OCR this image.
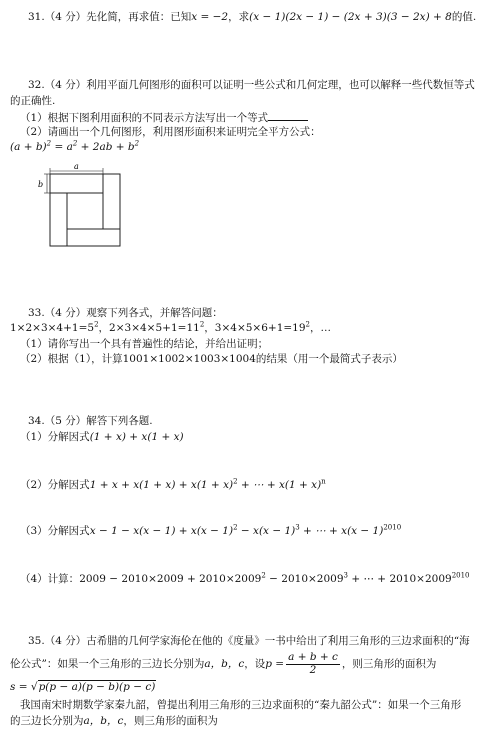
31.（4 分）先化简，再求值：已知x = −2，求(x − 1)(2x − 1) − (2x + 3)(3 − 2x) + 8的值.
32.（4 分）利用平面几何图形的面积可以证明一些公式和几何定理，也可以解释一些代数恒等式
的正确性.
（1）根据下图利用面积的不同表示方法写出一个等式
（2）请画出一个几何图形，利用图形面积来证明完全平方公式：
$(a + b)^2 = a^2 + 2ab + b^2$
a
b
33.（4 分）观察下列各式，并解答问题：
$1\times 2\times 3\times 4+1=5^2$，$2\times 3\times 4\times 5+1=11^2$，$3\times 4\times 5\times 6+1=19^2$，…
（1）请你写出一个具有普遍性的结论，并给出证明；
（2）根据（1），计算1001×1002×1003×1004的结果（用一个最简式子表示）
34.（5 分）解答下列各题.
（1）分解因式(1 + x) + x(1 + x)
（2）分解因式$1 + x + x(1 + x) + x(1 + x)^2$ + ⋯ + $x(1 + x)^n$
（3）分解因式$x - 1 - x(x - 1) + x(x - 1)^2 - x(x - 1)^3$ + ⋯ + $x(x - 1)^{2010}$
（4）计算：$2009 - 2010\times 2009 + 2010\times 2009^2 - 2010\times 2009^3$ + ⋯ + $2010\times 2009^{2010}$
35.（4 分）古希腊的几何学家海伦在他的《度量》一书中给出了利用三角形的三边求面积的“海
伦公式”：如果一个三角形的三边长分别为a，b，c，设$p = \frac{a + b + c}{2}$ ，则三角形的面积为
s = √p(p − a)(p − b)(p − c)
我国南宋时期数学家秦九韶，曾提出利用三角形的三边求面积的“秦九韶公式”：如果一个三角形
的三边长分别为a，b，c，则三角形的面积为
